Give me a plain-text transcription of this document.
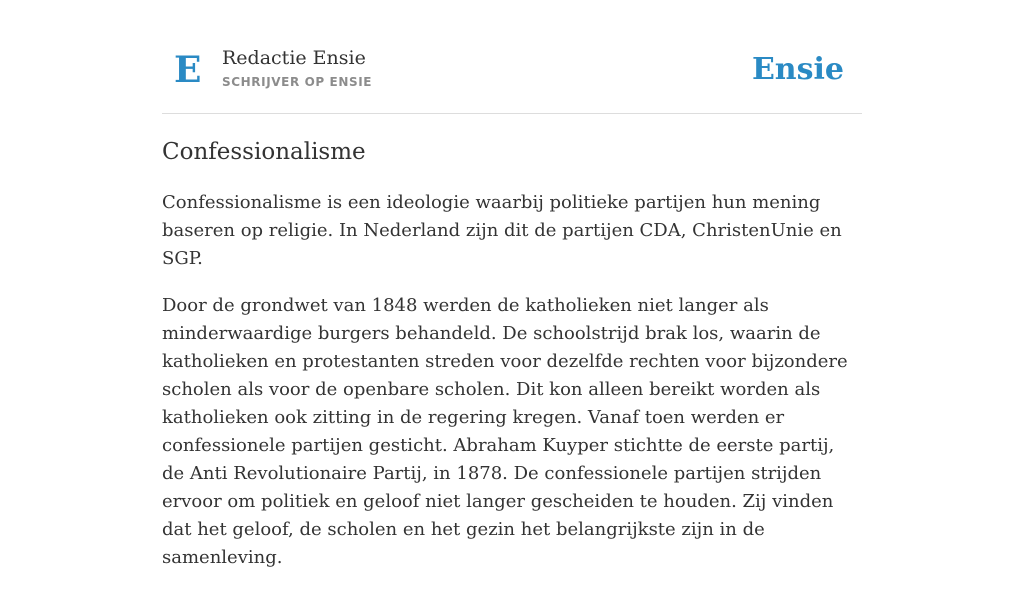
E Redactie Ensie
SCHRIJVER OP ENSIE	Ensie
Confessionalisme

Confessionalisme is een ideologie waarbij politieke partijen hun mening baseren op religie. In Nederland zijn dit de partijen CDA, ChristenUnie en SGP.

Door de grondwet van 1848 werden de katholieken niet langer als minderwaardige burgers behandeld. De schoolstrijd brak los, waarin de katholieken en protestanten streden voor dezelfde rechten voor bijzondere scholen als voor de openbare scholen. Dit kon alleen bereikt worden als katholieken ook zitting in de regering kregen. Vanaf toen werden er confessionele partijen gesticht. Abraham Kuyper stichtte de eerste partij, de Anti Revolutionaire Partij, in 1878. De confessionele partijen strijden ervoor om politiek en geloof niet langer gescheiden te houden. Zij vinden dat het geloof, de scholen en het gezin het belangrijkste zijn in de samenleving.
